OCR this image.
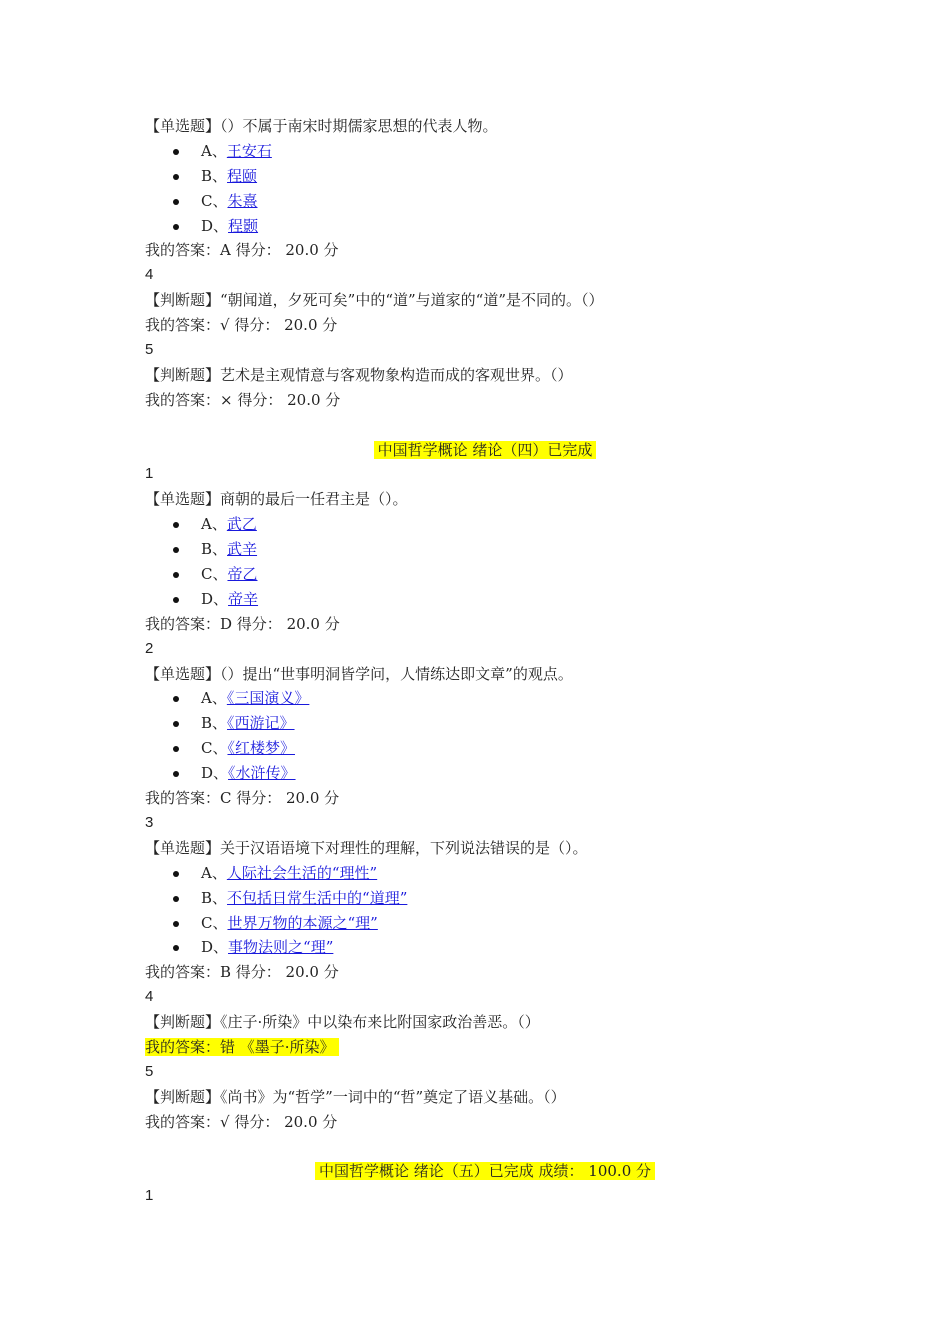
【单选题】（）不属于南宋时期儒家思想的代表人物。
A、王安石
B、程颐
C、朱熹
D、程颢
我的答案：A 得分： 20.0 分
4
【判断题】“朝闻道，夕死可矣”中的“道”与道家的“道”是不同的。（）
我的答案：√ 得分： 20.0 分
5
【判断题】艺术是主观情意与客观物象构造而成的客观世界。（）
我的答案：× 得分： 20.0 分
中国哲学概论 绪论（四）已完成
1
【单选题】商朝的最后一任君主是（）。
A、武乙
B、武辛
C、帝乙
D、帝辛
我的答案：D 得分： 20.0 分
2
【单选题】（）提出“世事明洞皆学问，人情练达即文章”的观点。
A、《三国演义》
B、《西游记》
C、《红楼梦》
D、《水浒传》
我的答案：C 得分： 20.0 分
3
【单选题】关于汉语语境下对理性的理解，下列说法错误的是（）。
A、人际社会生活的“理性”
B、不包括日常生活中的“道理”
C、世界万物的本源之“理”
D、事物法则之“理”
我的答案：B 得分： 20.0 分
4
【判断题】《庄子·所染》中以染布来比附国家政治善恶。（）
我的答案：错 《墨子·所染》
5
【判断题】《尚书》为“哲学”一词中的“哲”奠定了语义基础。（）
我的答案：√ 得分： 20.0 分
中国哲学概论 绪论（五）已完成 成绩： 100.0 分
1
